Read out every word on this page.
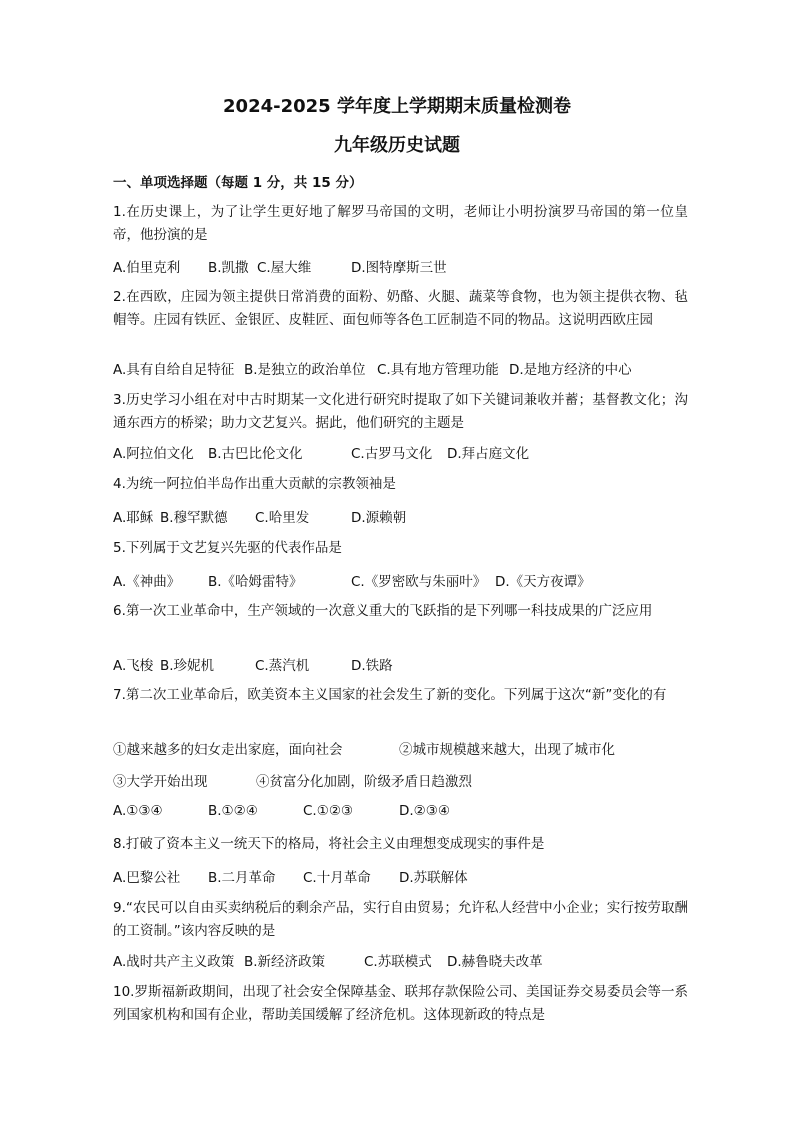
2024-2025 学年度上学期期末质量检测卷
九年级历史试题
一、单项选择题（每题 1 分，共 15 分）
1.在历史课上，为了让学生更好地了解罗马帝国的文明，老师让小明扮演罗马帝国的第一位皇帝，他扮演的是
A.伯里克利 B.凯撒 C.屋大维	D.图特摩斯三世
2.在西欧，庄园为领主提供日常消费的面粉、奶酪、火腿、蔬菜等食物，也为领主提供衣物、毡帽等。庄园有铁匠、金银匠、皮鞋匠、面包师等各色工匠制造不同的物品。这说明西欧庄园
A.具有自给自足特征 B.是独立的政治单位 C.具有地方管理功能 D.是地方经济的中心
3.历史学习小组在对中古时期某一文化进行研究时提取了如下关键词兼收并蓄；基督教文化；沟通东西方的桥梁；助力文艺复兴。据此，他们研究的主题是
A.阿拉伯文化 B.古巴比伦文化	C.古罗马文化 D.拜占庭文化
4.为统一阿拉伯半岛作出重大贡献的宗教领袖是
A.耶稣 B.穆罕默德 C.哈里发	D.源赖朝
5.下列属于文艺复兴先驱的代表作品是
A.《神曲》 B.《哈姆雷特》	C.《罗密欧与朱丽叶》 D.《天方夜谭》
6.第一次工业革命中，生产领域的一次意义重大的飞跃指的是下列哪一科技成果的广泛应用
A.飞梭 B.珍妮机	C.蒸汽机	D.铁路
7.第二次工业革命后，欧美资本主义国家的社会发生了新的变化。下列属于这次“新”变化的有
①越来越多的妇女走出家庭，面向社会	②城市规模越来越大，出现了城市化
③大学开始出现	④贫富分化加剧，阶级矛盾日趋激烈
A.①③④	B.①②④	C.①②③	D.②③④
8.打破了资本主义一统天下的格局，将社会主义由理想变成现实的事件是
A.巴黎公社 B.二月革命 C.十月革命 D.苏联解体
9.“农民可以自由买卖纳税后的剩余产品，实行自由贸易；允许私人经营中小企业；实行按劳取酬的工资制。”该内容反映的是
A.战时共产主义政策 B.新经济政策	C.苏联模式 D.赫鲁晓夫改革
10.罗斯福新政期间，出现了社会安全保障基金、联邦存款保险公司、美国证券交易委员会等一系 列国家机构和国有企业，帮助美国缓解了经济危机。这体现新政的特点是
